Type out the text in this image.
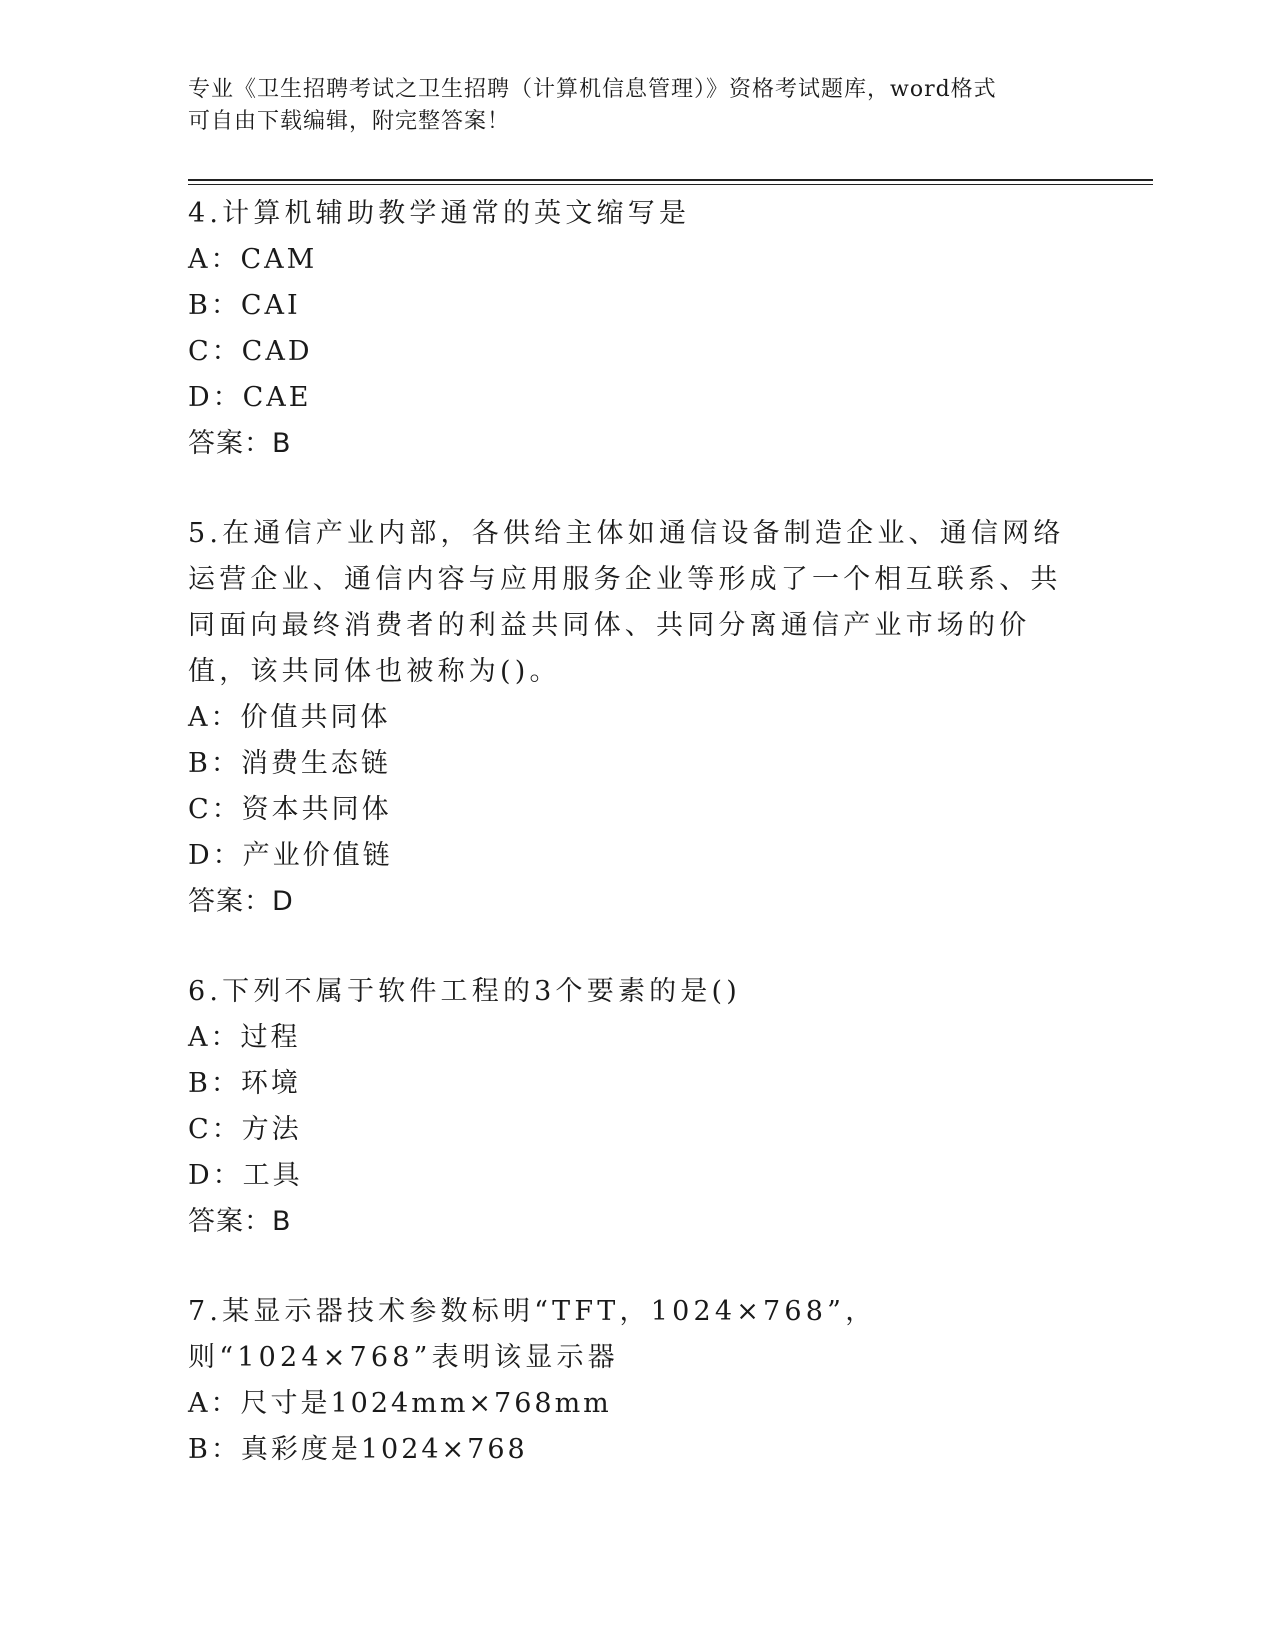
专业《卫生招聘考试之卫生招聘（计算机信息管理）》资格考试题库，word格式
可自由下载编辑，附完整答案！
4.计算机辅助教学通常的英文缩写是
A：CAM
B：CAI
C：CAD
D：CAE
答案：B
5.在通信产业内部，各供给主体如通信设备制造企业、通信网络运营企业、通信内容与应用服务企业等形成了一个相互联系、共同面向最终消费者的利益共同体、共同分离通信产业市场的价值，该共同体也被称为()。
A：价值共同体
B：消费生态链
C：资本共同体
D：产业价值链
答案：D
6.下列不属于软件工程的3个要素的是()
A：过程
B：环境
C：方法
D：工具
答案：B
7.某显示器技术参数标明“TFT，1024×768”，则“1024×768”表明该显示器
A：尺寸是1024mm×768mm
B：真彩度是1024×768
